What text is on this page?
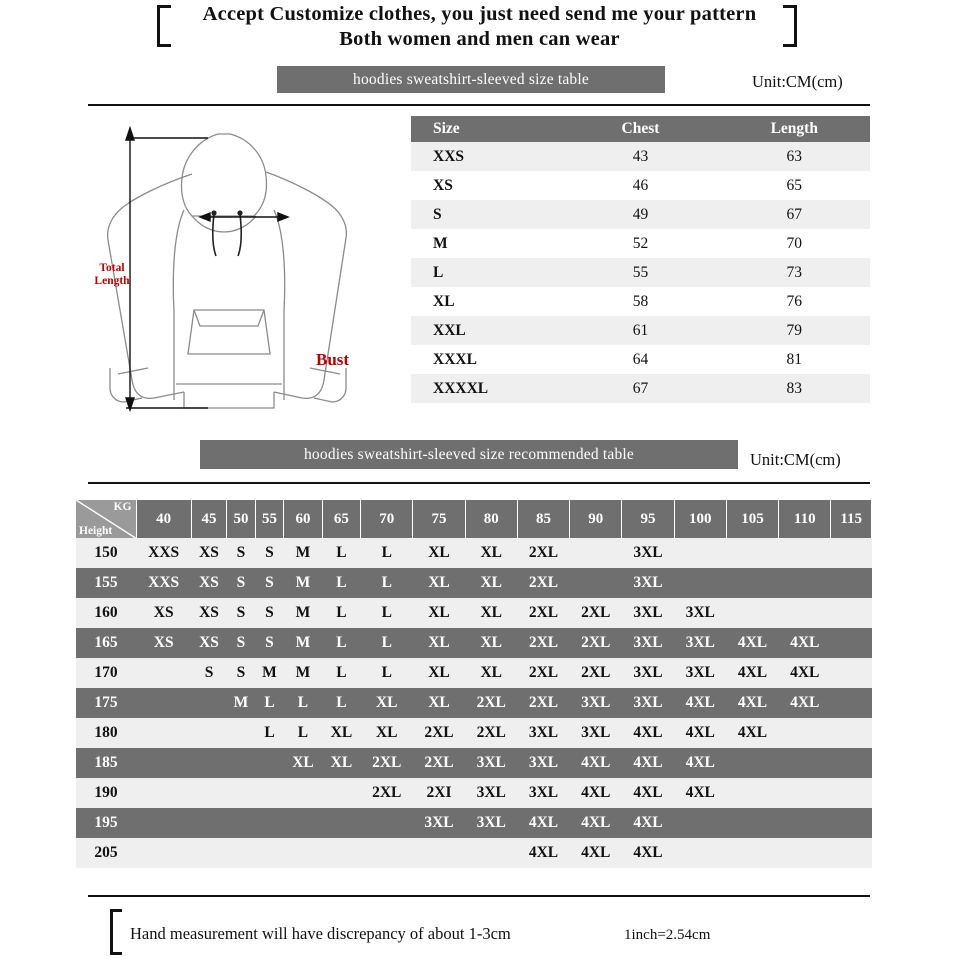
Accept Customize clothes, you just need send me your pattern
Both women and men can wear
hoodies sweatshirt-sleeved size table	Unit:CM(cm)
Bust
Total
Length
Size	Chest	Length
XXS	43	63
XS	46	65
S	49	67
M	52	70
L	55	73
XL	58	76
XXL	61	79
XXXL	64	81
XXXXL	67	83

hoodies sweatshirt-sleeved size recommended table	Unit:CM(cm)
KG
Height	40	45	50	55	60	65	70	75	80	85	90	95	100	105	110	115
150	XXS	XS	S	S	M	L	L	XL	XL	2XL		3XL				
155	XXS	XS	S	S	M	L	L	XL	XL	2XL		3XL				
160	XS	XS	S	S	M	L	L	XL	XL	2XL	2XL	3XL	3XL			
165	XS	XS	S	S	M	L	L	XL	XL	2XL	2XL	3XL	3XL	4XL	4XL	
170		S	S	M	M	L	L	XL	XL	2XL	2XL	3XL	3XL	4XL	4XL	
175			M	L	L	L	XL	XL	2XL	2XL	3XL	3XL	4XL	4XL	4XL	
180				L	L	XL	XL	2XL	2XL	3XL	3XL	4XL	4XL	4XL		
185					XL	XL	2XL	2XL	3XL	3XL	4XL	4XL	4XL			
190							2XL	2XI	3XL	3XL	4XL	4XL	4XL			
195								3XL	3XL	4XL	4XL	4XL				
205										4XL	4XL	4XL				
Hand measurement will have discrepancy of about 1-3cm	1inch=2.54cm
